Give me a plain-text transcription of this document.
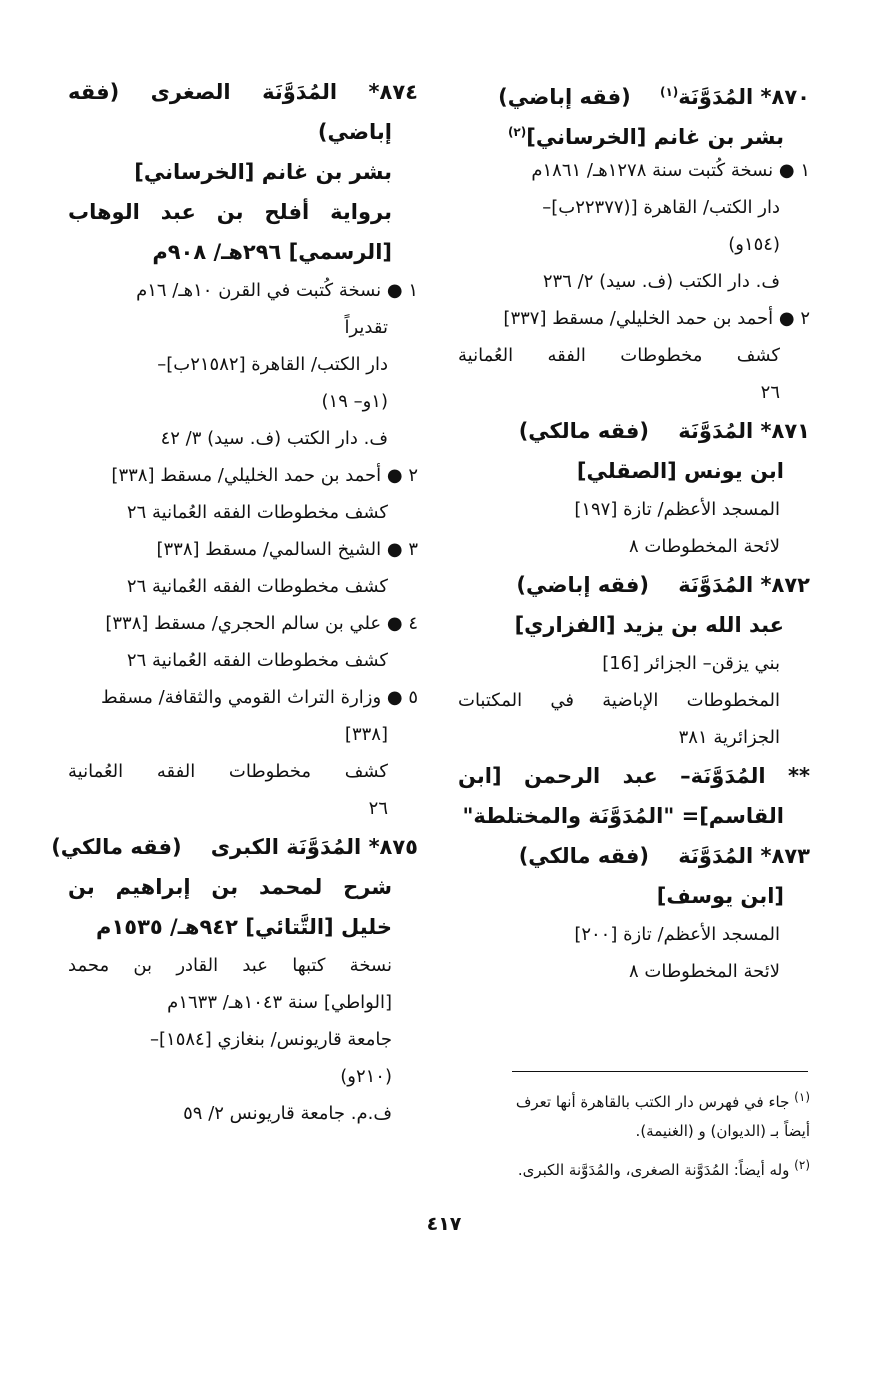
٨٧٠* المُدَوَّنَة$^{(١)}$    (فقه إباضي)
بشر بن غانم [الخرساني]$^{(٢)}$
١ ● نسخة كُتبت سنة ١٢٧٨هـ/ ١٨٦١م
دار الكتب/ القاهرة [(٢٢٣٧٧ب]–
(١٥٤و)
ف. دار الكتب (ف. سيد) ٢/ ٢٣٦
٢ ● أحمد بن حمد الخليلي/ مسقط [٣٣٧]
كشف مخطوطات الفقه العُمانية
٢٦
٨٧١* المُدَوَّنَة    (فقه مالكي)
ابن يونس [الصقلي]
المسجد الأعظم/ تازة [١٩٧]
لائحة المخطوطات ٨
٨٧٢* المُدَوَّنَة    (فقه إباضي)
عبد الله بن يزيد [الفزاري]
بني يزقن– الجزائر [16]
المخطوطات الإباضية في المكتبات
الجزائرية ٣٨١
** المُدَوَّنَة– عبد الرحمن [ابن
القاسم]= "المُدَوَّنَة والمختلطة"
٨٧٣* المُدَوَّنَة    (فقه مالكي)
[ابن يوسف]
المسجد الأعظم/ تازة [٢٠٠]
لائحة المخطوطات ٨
٨٧٤* المُدَوَّنَة الصغرى (فقه
إباضي)
بشر بن غانم [الخرساني]
برواية أفلح بن عبد الوهاب
[الرسمي] ٢٩٦هـ/ ٩٠٨م
١ ● نسخة كُتبت في القرن ١٠هـ/ ١٦م
تقديراً
دار الكتب/ القاهرة [٢١٥٨٢ب]–
(١و– ١٩)
ف. دار الكتب (ف. سيد) ٣/ ٤٢
٢ ● أحمد بن حمد الخليلي/ مسقط [٣٣٨]
كشف مخطوطات الفقه العُمانية ٢٦
٣ ● الشيخ السالمي/ مسقط [٣٣٨]
كشف مخطوطات الفقه العُمانية ٢٦
٤ ● علي بن سالم الحجري/ مسقط [٣٣٨]
كشف مخطوطات الفقه العُمانية ٢٦
٥ ● وزارة التراث القومي والثقافة/ مسقط
[٣٣٨]
كشف مخطوطات الفقه العُمانية
٢٦
٨٧٥* المُدَوَّنَة الكبرى    (فقه مالكي)
شرح لمحمد بن إبراهيم بن
خليل [التَّتائي] ٩٤٢هـ/ ١٥٣٥م
نسخة كتبها عبد القادر بن محمد
[الواطي] سنة ١٠٤٣هـ/ ١٦٣٣م
جامعة قاريونس/ بنغازي [١٥٨٤]–
(٢١٠و)
ف.م. جامعة قاريونس ٢/ ٥٩
$^{(١)}$ جاء في فهرس دار الكتب بالقاهرة أنها تعرف
أيضاً بـ (الديوان) و (الغنيمة).
$^{(٢)}$ وله أيضاً: المُدَوَّنة الصغرى، والمُدَوَّنة الكبرى.
٤١٧
